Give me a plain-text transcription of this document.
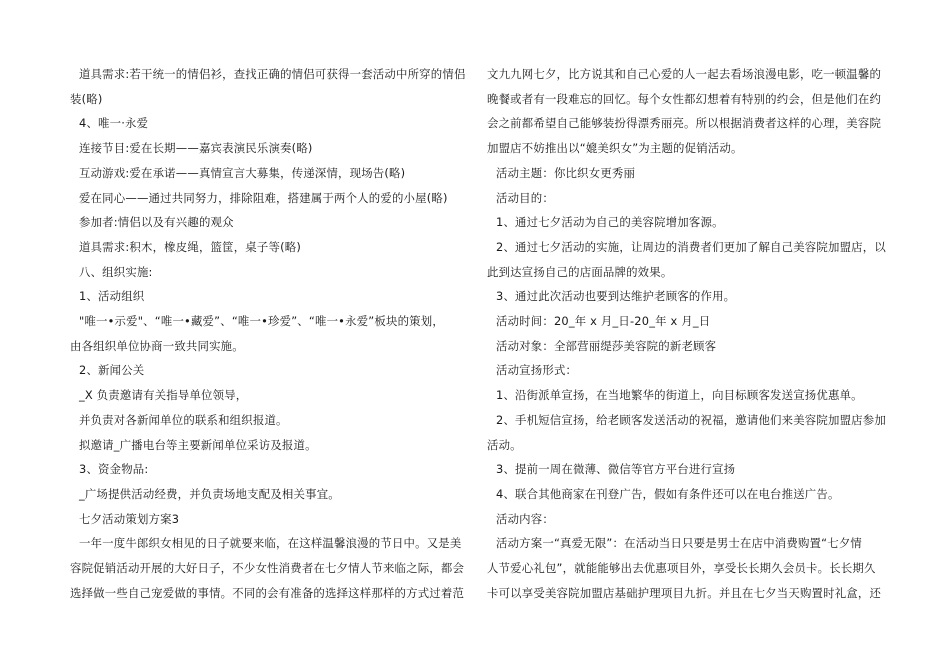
道具需求:若干统一的情侣衫，查找正确的情侣可获得一套活动中所穿的情侣

装(略)

4、唯一·永爱

连接节目:爱在长期——嘉宾表演民乐演奏(略)

互动游戏:爱在承诺——真情宣言大募集，传递深情，现场告(略)

爱在同心——通过共同努力，排除阻难，搭建属于两个人的爱的小屋(略)

参加者:情侣以及有兴趣的观众

道具需求:积木，橡皮绳，篮筐，桌子等(略)

八、组织实施:

1、活动组织

"唯一•示爱"、“唯一•藏爱”、“唯一•珍爱”、“唯一•永爱”板块的策划，

由各组织单位协商一致共同实施。

2、新闻公关

_X 负责邀请有关指导单位领导，

并负责对各新闻单位的联系和组织报道。

拟邀请_广播电台等主要新闻单位采访及报道。

3、资金物品:

_广场提供活动经费，并负责场地支配及相关事宜。

七夕活动策划方案3

一年一度牛郎织女相见的日子就要来临，在这样温馨浪漫的节日中。又是美

容院促销活动开展的大好日子，不少女性消费者在七夕情人节来临之际，都会

选择做一些自己宠爱做的事情。不同的会有准备的选择这样那样的方式过着范

文九九网七夕，比方说其和自己心爱的人一起去看场浪漫电影，吃一顿温馨的

晚餐或者有一段难忘的回忆。每个女性都幻想着有特别的约会，但是他们在约

会之前都希望自己能够装扮得漂秀丽亮。所以根据消费者这样的心理，美容院

加盟店不妨推出以“媲美织女”为主题的促销活动。

活动主题：你比织女更秀丽

活动目的：

1、通过七夕活动为自己的美容院增加客源。

2、通过七夕活动的实施，让周边的消费者们更加了解自己美容院加盟店，以

此到达宣扬自己的店面品牌的效果。

3、通过此次活动也要到达维护老顾客的作用。

活动时间：20_年 x 月_日-20_年 x 月_日

活动对象：全部营丽缇莎美容院的新老顾客

活动宣扬形式：

1、沿街派单宣扬，在当地繁华的街道上，向目标顾客发送宣扬优惠单。

2、手机短信宣扬，给老顾客发送活动的祝福，邀请他们来美容院加盟店参加

活动。

3、提前一周在微薄、微信等官方平台进行宣扬

4、联合其他商家在刊登广告，假如有条件还可以在电台推送广告。

活动内容：

活动方案一“真爱无限”：在活动当日只要是男士在店中消费购置“七夕情

人节爱心礼包”，就能能够出去优惠项目外，享受长长期久会员卡。长长期久

卡可以享受美容院加盟店基础护理项目九折。并且在七夕当天购置时礼盒，还
